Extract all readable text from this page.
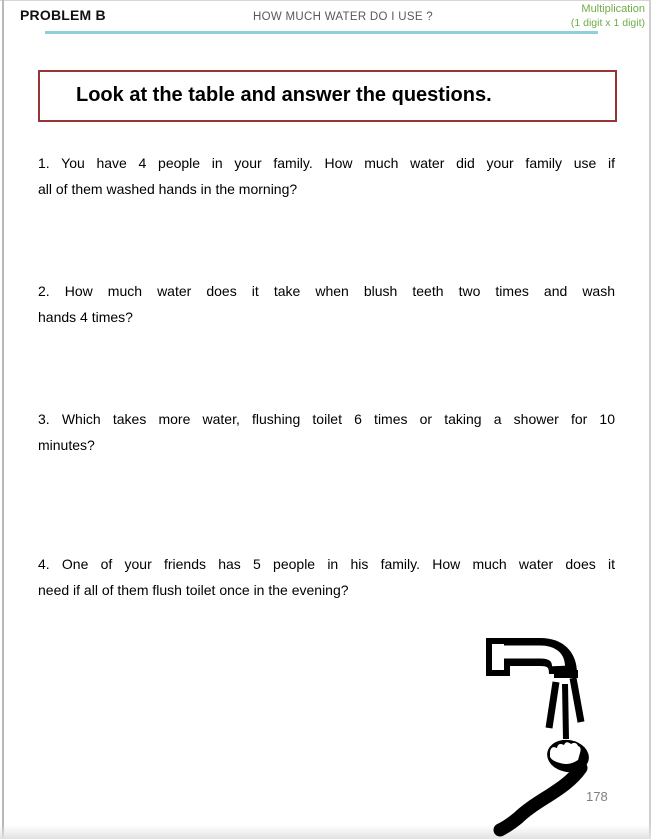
PROBLEM B	HOW MUCH WATER DO I USE ?
Multiplication
(1 digit x 1 digit)
Look at the table and answer the questions.
1. You have 4 people in your family. How much water did your family use if
all of them washed hands in the morning?
2. How much water does it take when blush teeth two times and wash
hands 4 times?
3. Which takes more water, flushing toilet 6 times or taking a shower for 10
minutes?
4. One of your friends has 5 people in his family. How much water does it
need if all of them flush toilet once in the evening?
178
